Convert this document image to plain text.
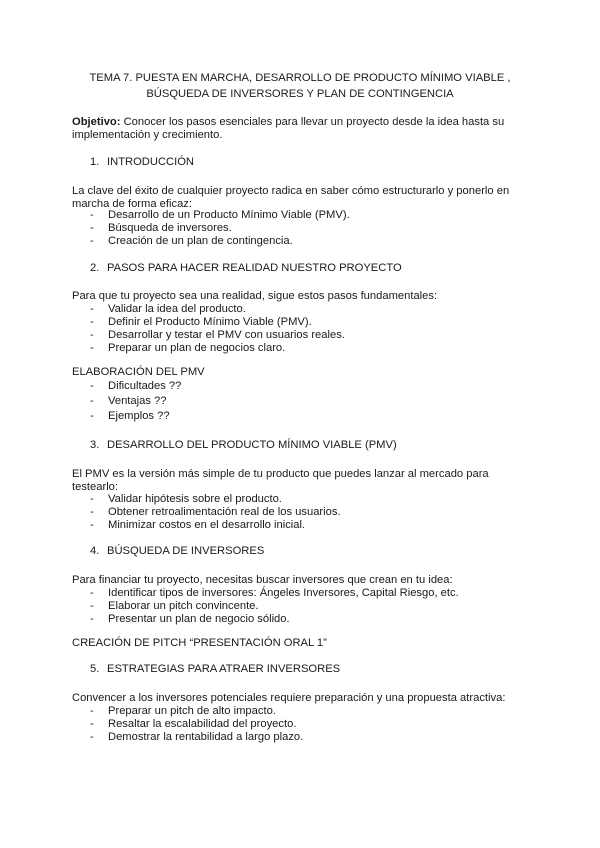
TEMA 7. PUESTA EN MARCHA, DESARROLLO DE PRODUCTO MÍNIMO VIABLE ,
BÚSQUEDA DE INVERSORES Y PLAN DE CONTINGENCIA
Objetivo: Conocer los pasos esenciales para llevar un proyecto desde la idea hasta su implementación y crecimiento.
1. INTRODUCCIÓN
La clave del éxito de cualquier proyecto radica en saber cómo estructurarlo y ponerlo en marcha de forma eficaz:
- Desarrollo de un Producto Mínimo Viable (PMV).
- Búsqueda de inversores.
- Creación de un plan de contingencia.
2. PASOS PARA HACER REALIDAD NUESTRO PROYECTO
Para que tu proyecto sea una realidad, sigue estos pasos fundamentales:
- Validar la idea del producto.
- Definir el Producto Mínimo Viable (PMV).
- Desarrollar y testar el PMV con usuarios reales.
- Preparar un plan de negocios claro.
ELABORACIÓN DEL PMV
- Dificultades ??
- Ventajas ??
- Ejemplos ??
3. DESARROLLO DEL PRODUCTO MÍNIMO VIABLE (PMV)
El PMV es la versión más simple de tu producto que puedes lanzar al mercado para testearlo:
- Validar hipótesis sobre el producto.
- Obtener retroalimentación real de los usuarios.
- Minimizar costos en el desarrollo inicial.
4. BÚSQUEDA DE INVERSORES
Para financiar tu proyecto, necesitas buscar inversores que crean en tu idea:
- Identificar tipos de inversores: Ángeles Inversores, Capital Riesgo, etc.
- Elaborar un pitch convincente.
- Presentar un plan de negocio sólido.
CREACIÓN DE PITCH “PRESENTACIÓN ORAL 1”
5. ESTRATEGIAS PARA ATRAER INVERSORES
Convencer a los inversores potenciales requiere preparación y una propuesta atractiva:
- Preparar un pitch de alto impacto.
- Resaltar la escalabilidad del proyecto.
- Demostrar la rentabilidad a largo plazo.
